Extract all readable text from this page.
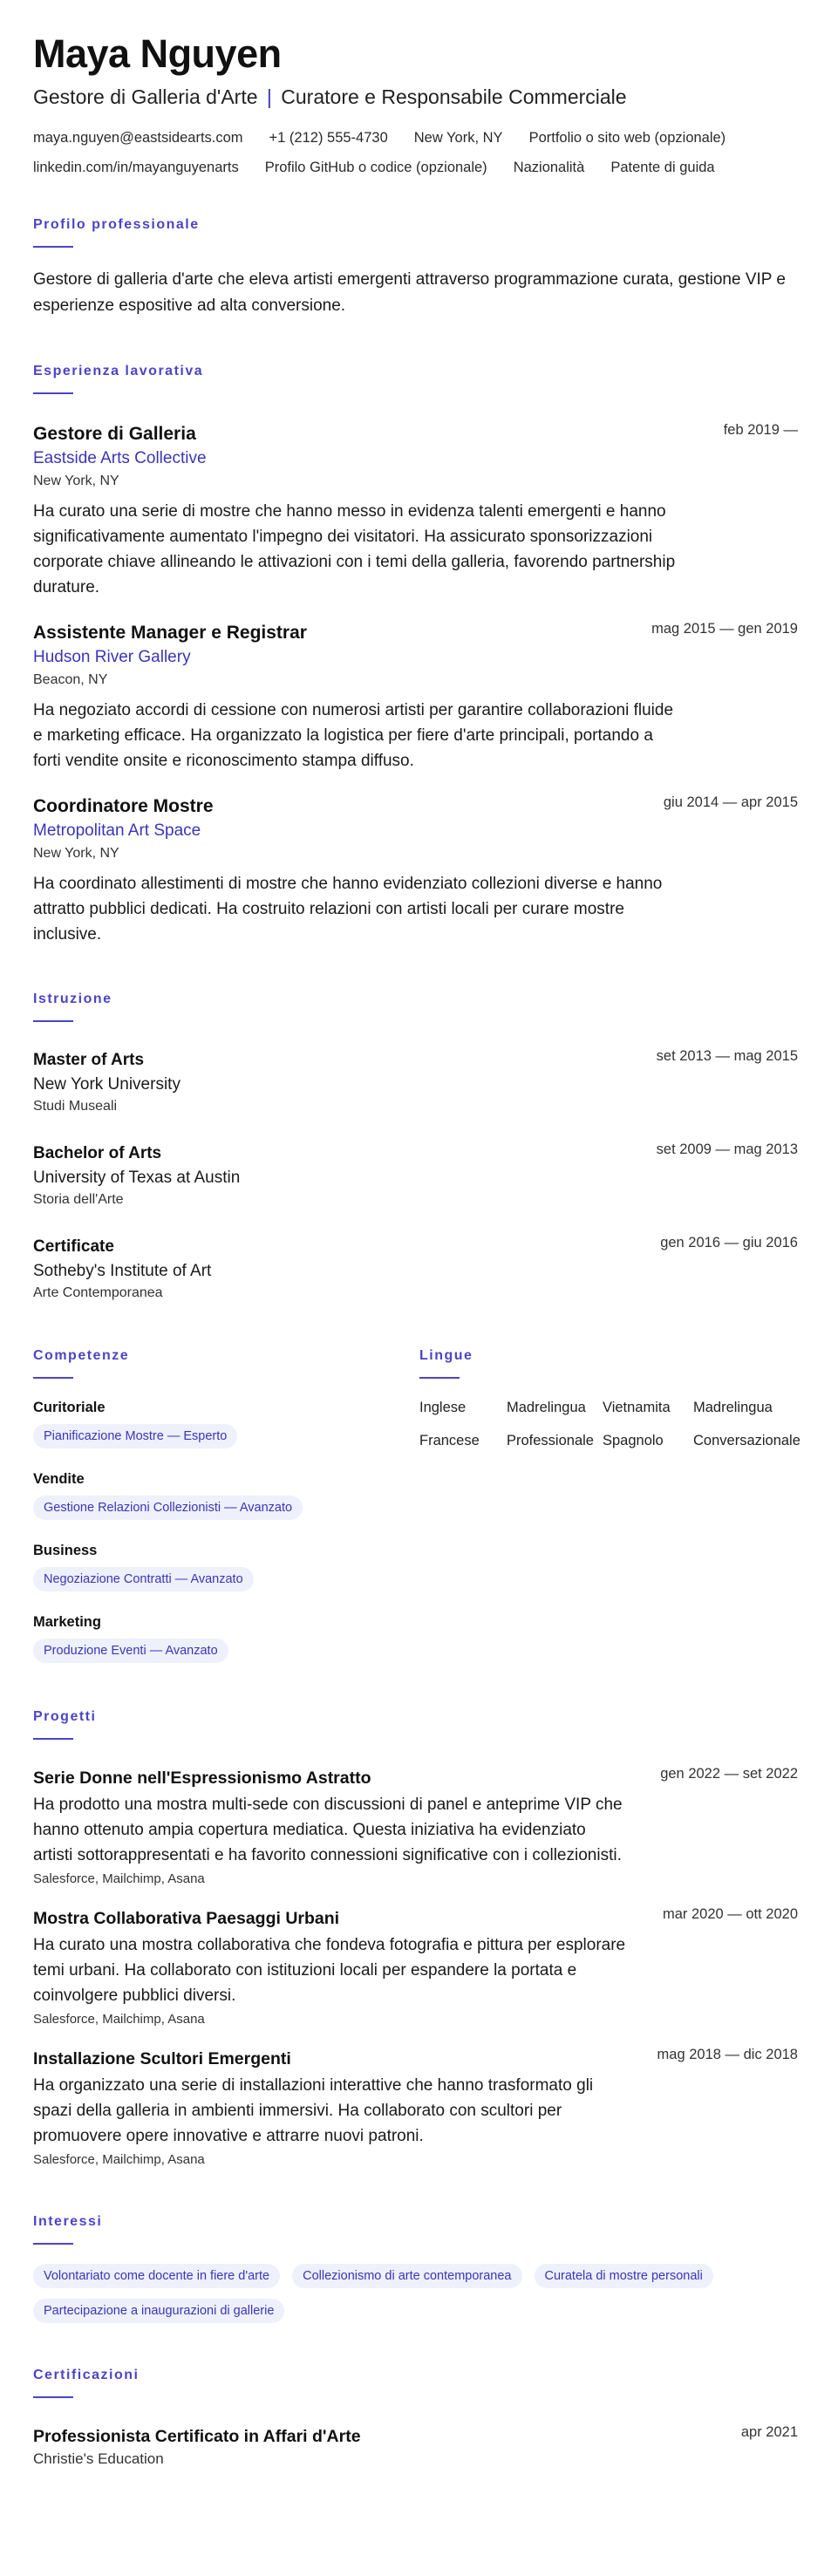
Maya Nguyen
Gestore di Galleria d'Arte | Curatore e Responsabile Commerciale
maya.nguyen@eastsidearts.com +1 (212) 555-4730 New York, NY Portfolio o sito web (opzionale)
linkedin.com/in/mayanguyenarts Profilo GitHub o codice (opzionale) Nazionalità Patente di guida
Profilo professionale
Gestore di galleria d'arte che eleva artisti emergenti attraverso programmazione curata, gestione VIP e esperienze espositive ad alta conversione.
Esperienza lavorativa
feb 2019 —
Gestore di Galleria
Eastside Arts Collective
New York, NY
Ha curato una serie di mostre che hanno messo in evidenza talenti emergenti e hanno significativamente aumentato l'impegno dei visitatori. Ha assicurato sponsorizzazioni corporate chiave allineando le attivazioni con i temi della galleria, favorendo partnership durature.
mag 2015 — gen 2019
Assistente Manager e Registrar
Hudson River Gallery
Beacon, NY
Ha negoziato accordi di cessione con numerosi artisti per garantire collaborazioni fluide e marketing efficace. Ha organizzato la logistica per fiere d'arte principali, portando a forti vendite onsite e riconoscimento stampa diffuso.
giu 2014 — apr 2015
Coordinatore Mostre
Metropolitan Art Space
New York, NY
Ha coordinato allestimenti di mostre che hanno evidenziato collezioni diverse e hanno attratto pubblici dedicati. Ha costruito relazioni con artisti locali per curare mostre inclusive.
Istruzione
set 2013 — mag 2015
Master of Arts
New York University
Studi Museali
set 2009 — mag 2013
Bachelor of Arts
University of Texas at Austin
Storia dell'Arte
gen 2016 — giu 2016
Certificate
Sotheby's Institute of Art
Arte Contemporanea
Competenze
Curitoriale
Pianificazione Mostre — Esperto
Vendite
Gestione Relazioni Collezionisti — Avanzato
Business
Negoziazione Contratti — Avanzato
Marketing
Produzione Eventi — Avanzato
Lingue
Inglese	Madrelingua	Vietnamita	Madrelingua
Francese	Professionale Spagnolo	Conversazionale
Progetti
gen 2022 — set 2022
Serie Donne nell'Espressionismo Astratto
Ha prodotto una mostra multi-sede con discussioni di panel e anteprime VIP che hanno ottenuto ampia copertura mediatica. Questa iniziativa ha evidenziato artisti sottorappresentati e ha favorito connessioni significative con i collezionisti.
Salesforce, Mailchimp, Asana
mar 2020 — ott 2020
Mostra Collaborativa Paesaggi Urbani
Ha curato una mostra collaborativa che fondeva fotografia e pittura per esplorare temi urbani. Ha collaborato con istituzioni locali per espandere la portata e coinvolgere pubblici diversi.
Salesforce, Mailchimp, Asana
mag 2018 — dic 2018
Installazione Scultori Emergenti
Ha organizzato una serie di installazioni interattive che hanno trasformato gli spazi della galleria in ambienti immersivi. Ha collaborato con scultori per promuovere opere innovative e attrarre nuovi patroni.
Salesforce, Mailchimp, Asana
Interessi
Volontariato come docente in fiere d'arte	Collezionismo di arte contemporanea	Curatela di mostre personali
Partecipazione a inaugurazioni di gallerie
Certificazioni
apr 2021
Professionista Certificato in Affari d'Arte
Christie's Education
